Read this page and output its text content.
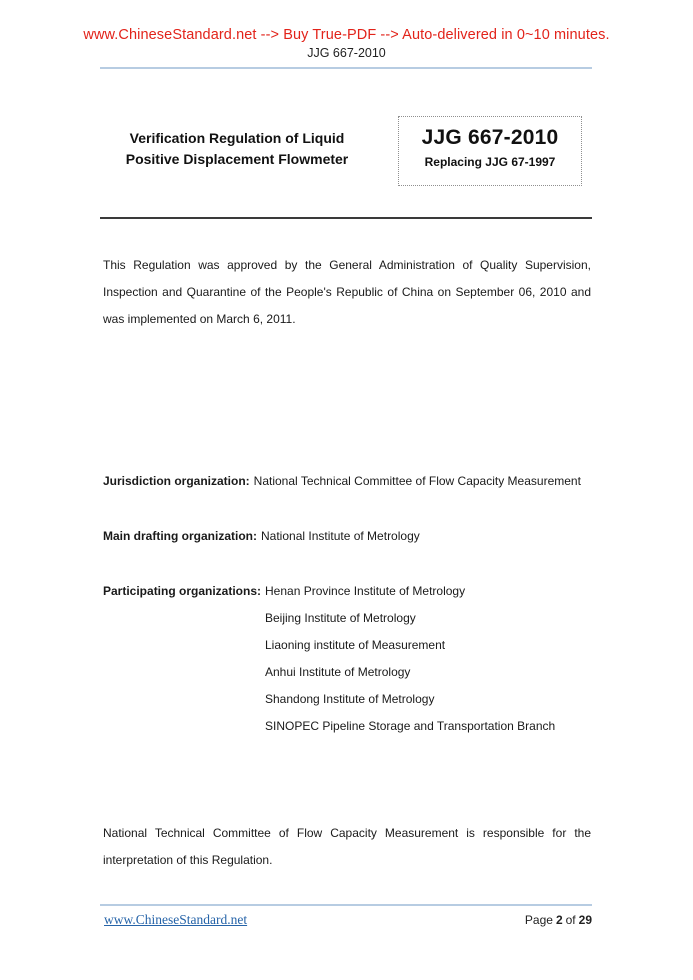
www.ChineseStandard.net --> Buy True-PDF --> Auto-delivered in 0~10 minutes.
JJG 667-2010
Verification Regulation of Liquid
Positive Displacement Flowmeter
JJG 667-2010
Replacing JJG 67-1997
This Regulation was approved by the General Administration of Quality Supervision,
Inspection and Quarantine of the People's Republic of China on September 06, 2010 and
was implemented on March 6, 2011.
Jurisdiction organization: National Technical Committee of Flow Capacity Measurement
Main drafting organization: National Institute of Metrology
Participating organizations: Henan Province Institute of Metrology
Beijing Institute of Metrology
Liaoning institute of Measurement
Anhui Institute of Metrology
Shandong Institute of Metrology
SINOPEC Pipeline Storage and Transportation Branch
National Technical Committee of Flow Capacity Measurement is responsible for the
interpretation of this Regulation.
www.ChineseStandard.net	Page 2 of 29
